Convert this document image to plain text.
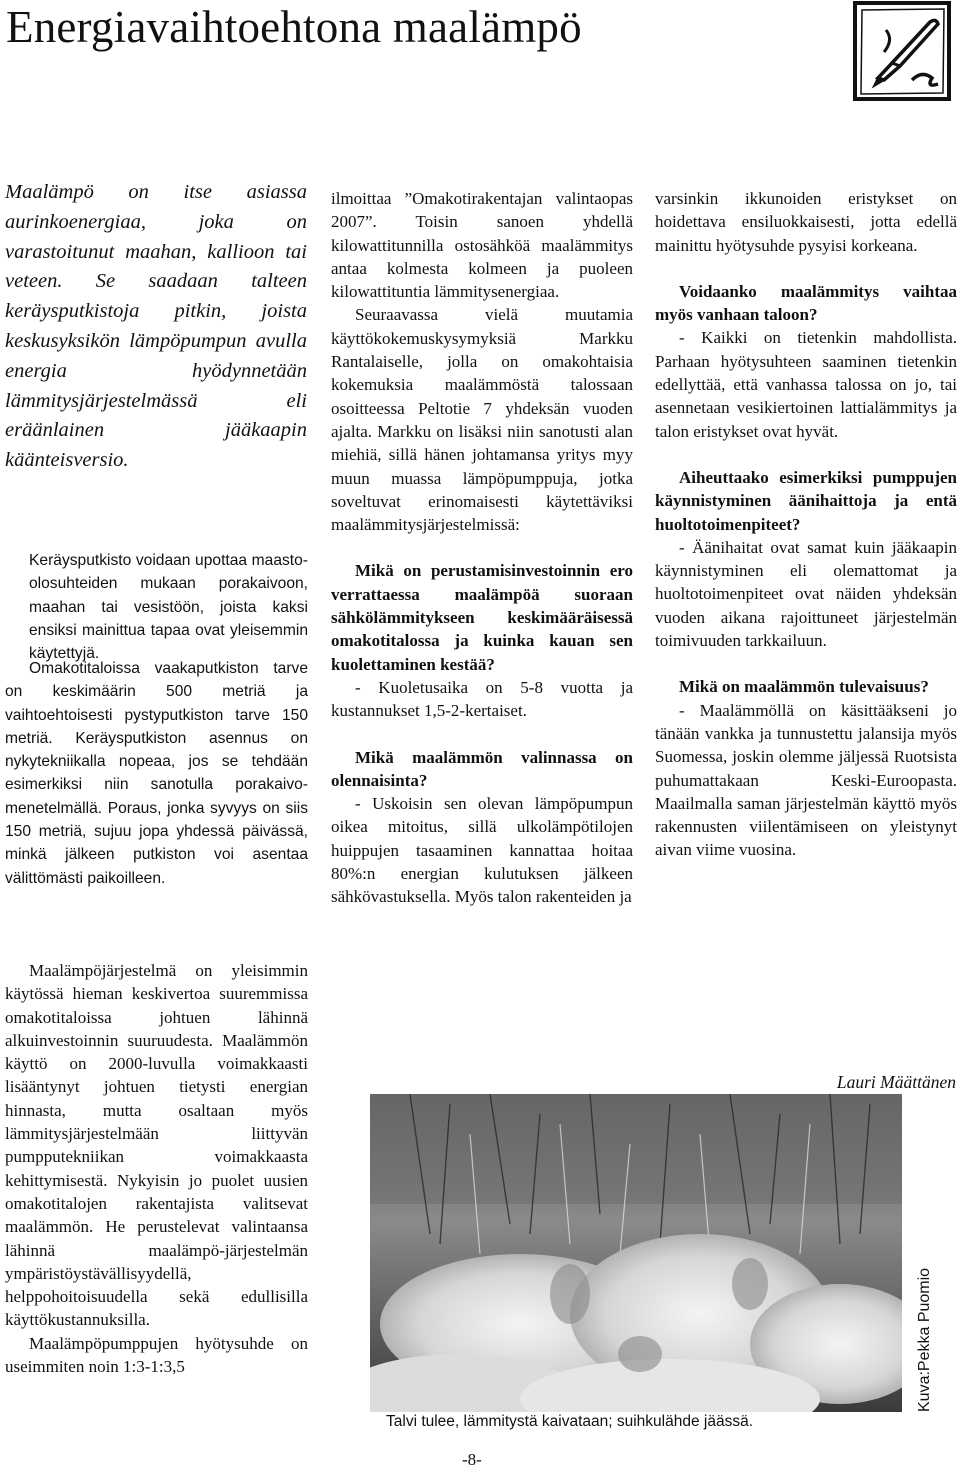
Energiavaihtoehtona maalämpö
Maalämpö on itse asiassa aurinkoenergiaa, joka on varastoitunut maahan, kallioon tai veteen. Se saadaan talteen keräysputkistoja pitkin, joista keskusyksikön lämpöpumpun avulla energia hyödynnetään lämmitysjärjestelmässä eli eräänlainen jääkaapin käänteisversio.

Keräysputkisto voidaan upottaa maasto-olosuhteiden mukaan porakaivoon, maahan tai vesistöön, joista kaksi ensiksi mainittua tapaa ovat yleisemmin käytettyjä.

Omakotitaloissa vaakaputkiston tarve on keskimäärin 500 metriä ja vaihtoehtoisesti pystyputkiston tarve 150 metriä. Keräysputkiston asennus on nykytekniikalla nopeaa, jos se tehdään esimerkiksi niin sanotulla porakaivo-menetelmällä. Poraus, jonka syvyys on siis 150 metriä, sujuu jopa yhdessä päivässä, minkä jälkeen putkiston voi asentaa välittömästi paikoilleen.

Maalämpöjärjestelmä on yleisimmin käytössä hieman keskivertoa suuremmissa omakotitaloissa johtuen lähinnä alkuinvestoinnin suuruudesta. Maalämmön käyttö on 2000-luvulla voimakkaasti lisääntynyt johtuen tietysti energian hinnasta, mutta osaltaan myös lämmitysjärjestelmään liittyvän pumpputekniikan voimakkaasta kehittymisestä. Nykyisin jo puolet uusien omakotitalojen rakentajista valitsevat maalämmön. He perustelevat valintaansa lähinnä maalämpö-järjestelmän ympäristöystävällisyydellä, helppohoitoisuudella sekä edullisilla käyttökustannuksilla.

Maalämpöpumppujen hyötysuhde on useimmiten noin 1:3-1:3,5

ilmoittaa ”Omakotirakentajan valintaopas 2007”. Toisin sanoen yhdellä kilowattitunnilla ostosähköä maalämmitys antaa kolmesta kolmeen ja puoleen kilowattituntia lämmitysenergiaa.

Seuraavassa vielä muutamia käyttökokemuskysymyksiä Markku Rantalaiselle, jolla on omakohtaisia kokemuksia maalämmöstä talossaan osoitteessa Peltotie 7 yhdeksän vuoden ajalta. Markku on lisäksi niin sanotusti alan miehiä, sillä hänen johtamansa yritys myy muun muassa lämpöpumppuja, jotka soveltuvat erinomaisesti käytettäviksi maalämmitysjärjestelmissä:

Mikä on perustamisinvestoinnin ero verrattaessa maalämpöä suoraan sähkölämmitykseen keskimääräisessä omakotitalossa ja kuinka kauan sen kuolettaminen kestää?

- Kuoletusaika on 5-8 vuotta ja kustannukset 1,5-2-kertaiset.

Mikä maalämmön valinnassa on olennaisinta?

- Uskoisin sen olevan lämpöpumpun oikea mitoitus, sillä ulkolämpötilojen huippujen tasaaminen kannattaa hoitaa 80%:n energian kulutuksen jälkeen sähkövastuksella. Myös talon rakenteiden ja

varsinkin ikkunoiden eristykset on hoidettava ensiluokkaisesti, jotta edellä mainittu hyötysuhde pysyisi korkeana.

Voidaanko maalämmitys vaihtaa myös vanhaan taloon?

- Kaikki on tietenkin mahdollista. Parhaan hyötysuhteen saaminen tietenkin edellyttää, että vanhassa talossa on jo, tai asennetaan vesikiertoinen lattialämmitys ja talon eristykset ovat hyvät.

Aiheuttaako esimerkiksi pumppujen käynnistyminen äänihaittoja ja entä huoltotoimenpiteet?

- Äänihaitat ovat samat kuin jääkaapin käynnistyminen eli olemattomat ja huoltotoimenpiteet ovat näiden yhdeksän vuoden aikana rajoittuneet järjestelmän toimivuuden tarkkailuun.

Mikä on maalämmön tulevaisuus?

- Maalämmöllä on käsittääkseni jo tänään vankka ja tunnustettu jalansija myös Suomessa, joskin olemme jäljessä Ruotsista puhumattakaan Keski-Euroopasta. Maailmalla saman järjestelmän käyttö myös rakennusten viilentämiseen on yleistynyt aivan viime vuosina.

Lauri Määttänen
Talvi tulee, lämmitystä kaivataan; suihkulähde jäässä.
Kuva:Pekka Puomio
-8-
